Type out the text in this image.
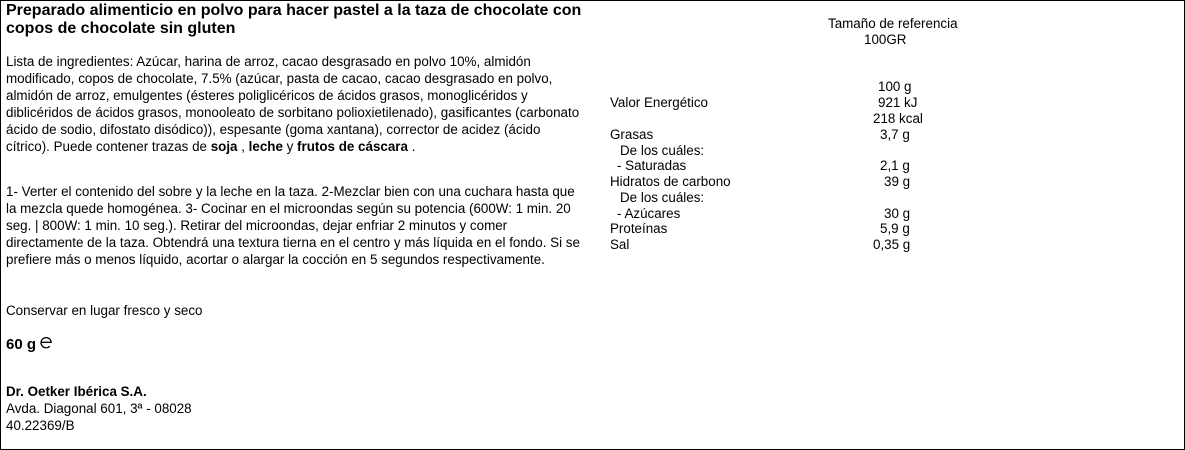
Preparado alimenticio en polvo para hacer pastel a la taza de chocolate con copos de chocolate sin gluten

Lista de ingredientes: Azúcar, harina de arroz, cacao desgrasado en polvo 10%, almidón modificado, copos de chocolate, 7.5% (azúcar, pasta de cacao, cacao desgrasado en polvo, almidón de arroz, emulgentes (ésteres poliglicéricos de ácidos grasos, monoglicéridos y diblicéridos de ácidos grasos, monooleato de sorbitano polioxietilenado), gasificantes (carbonato ácido de sodio, difostato disódico)), espesante (goma xantana), corrector de acidez (ácido cítrico). Puede contener trazas de soja , leche y frutos de cáscara .

1- Verter el contenido del sobre y la leche en la taza. 2-Mezclar bien con una cuchara hasta que la mezcla quede homogénea. 3- Cocinar en el microondas según su potencia (600W: 1 min. 20 seg. | 800W: 1 min. 10 seg.). Retirar del microondas, dejar enfriar 2 minutos y comer directamente de la taza. Obtendrá una textura tierna en el centro y más líquida en el fondo. Si se prefiere más o menos líquido, acortar o alargar la cocción en 5 segundos respectivamente.

Conservar en lugar fresco y seco

60 g
Dr. Oetker Ibérica S.A.
Avda. Diagonal 601, 3ª - 08028
40.22369/B
Tamaño de referencia
100GR
100 g
Valor Energético	921 kJ
218 kcal
Grasas	3,7 g
De los cuáles:
- Saturadas	2,1 g
Hidratos de carbono	39 g
De los cuáles:
- Azúcares	30 g
Proteínas	5,9 g
Sal	0,35 g
